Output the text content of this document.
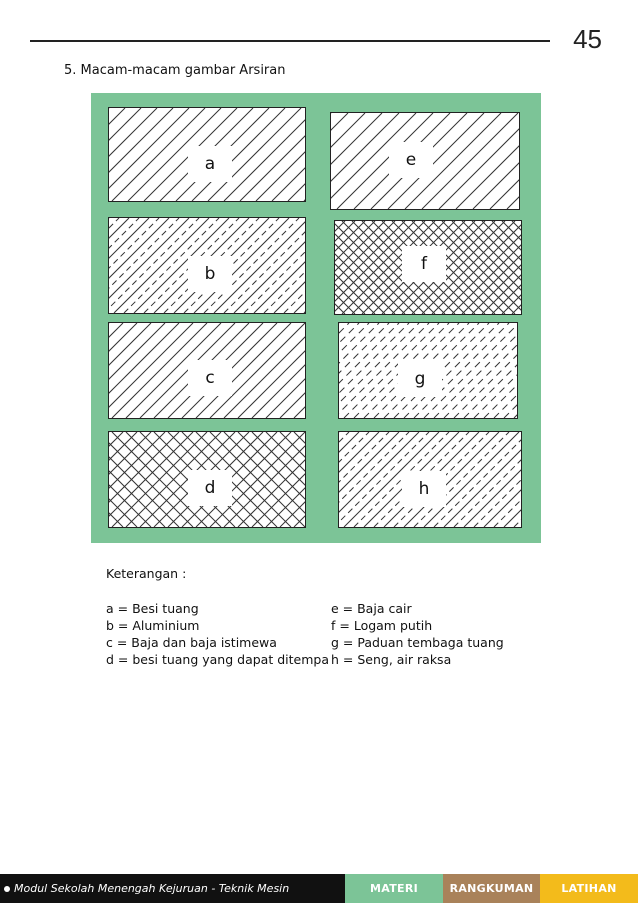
45
5. Macam-macam gambar Arsiran
a
b
c
d
e
f
g
h
Keterangan :
a = Besi tuang
b = Aluminium
c = Baja dan baja istimewa
d = besi tuang yang dapat ditempa
e = Baja cair
f = Logam putih
g = Paduan tembaga tuang
h = Seng, air raksa
Modul Sekolah Menengah Kejuruan - Teknik Mesin	MATERI	RANGKUMAN	LATIHAN
